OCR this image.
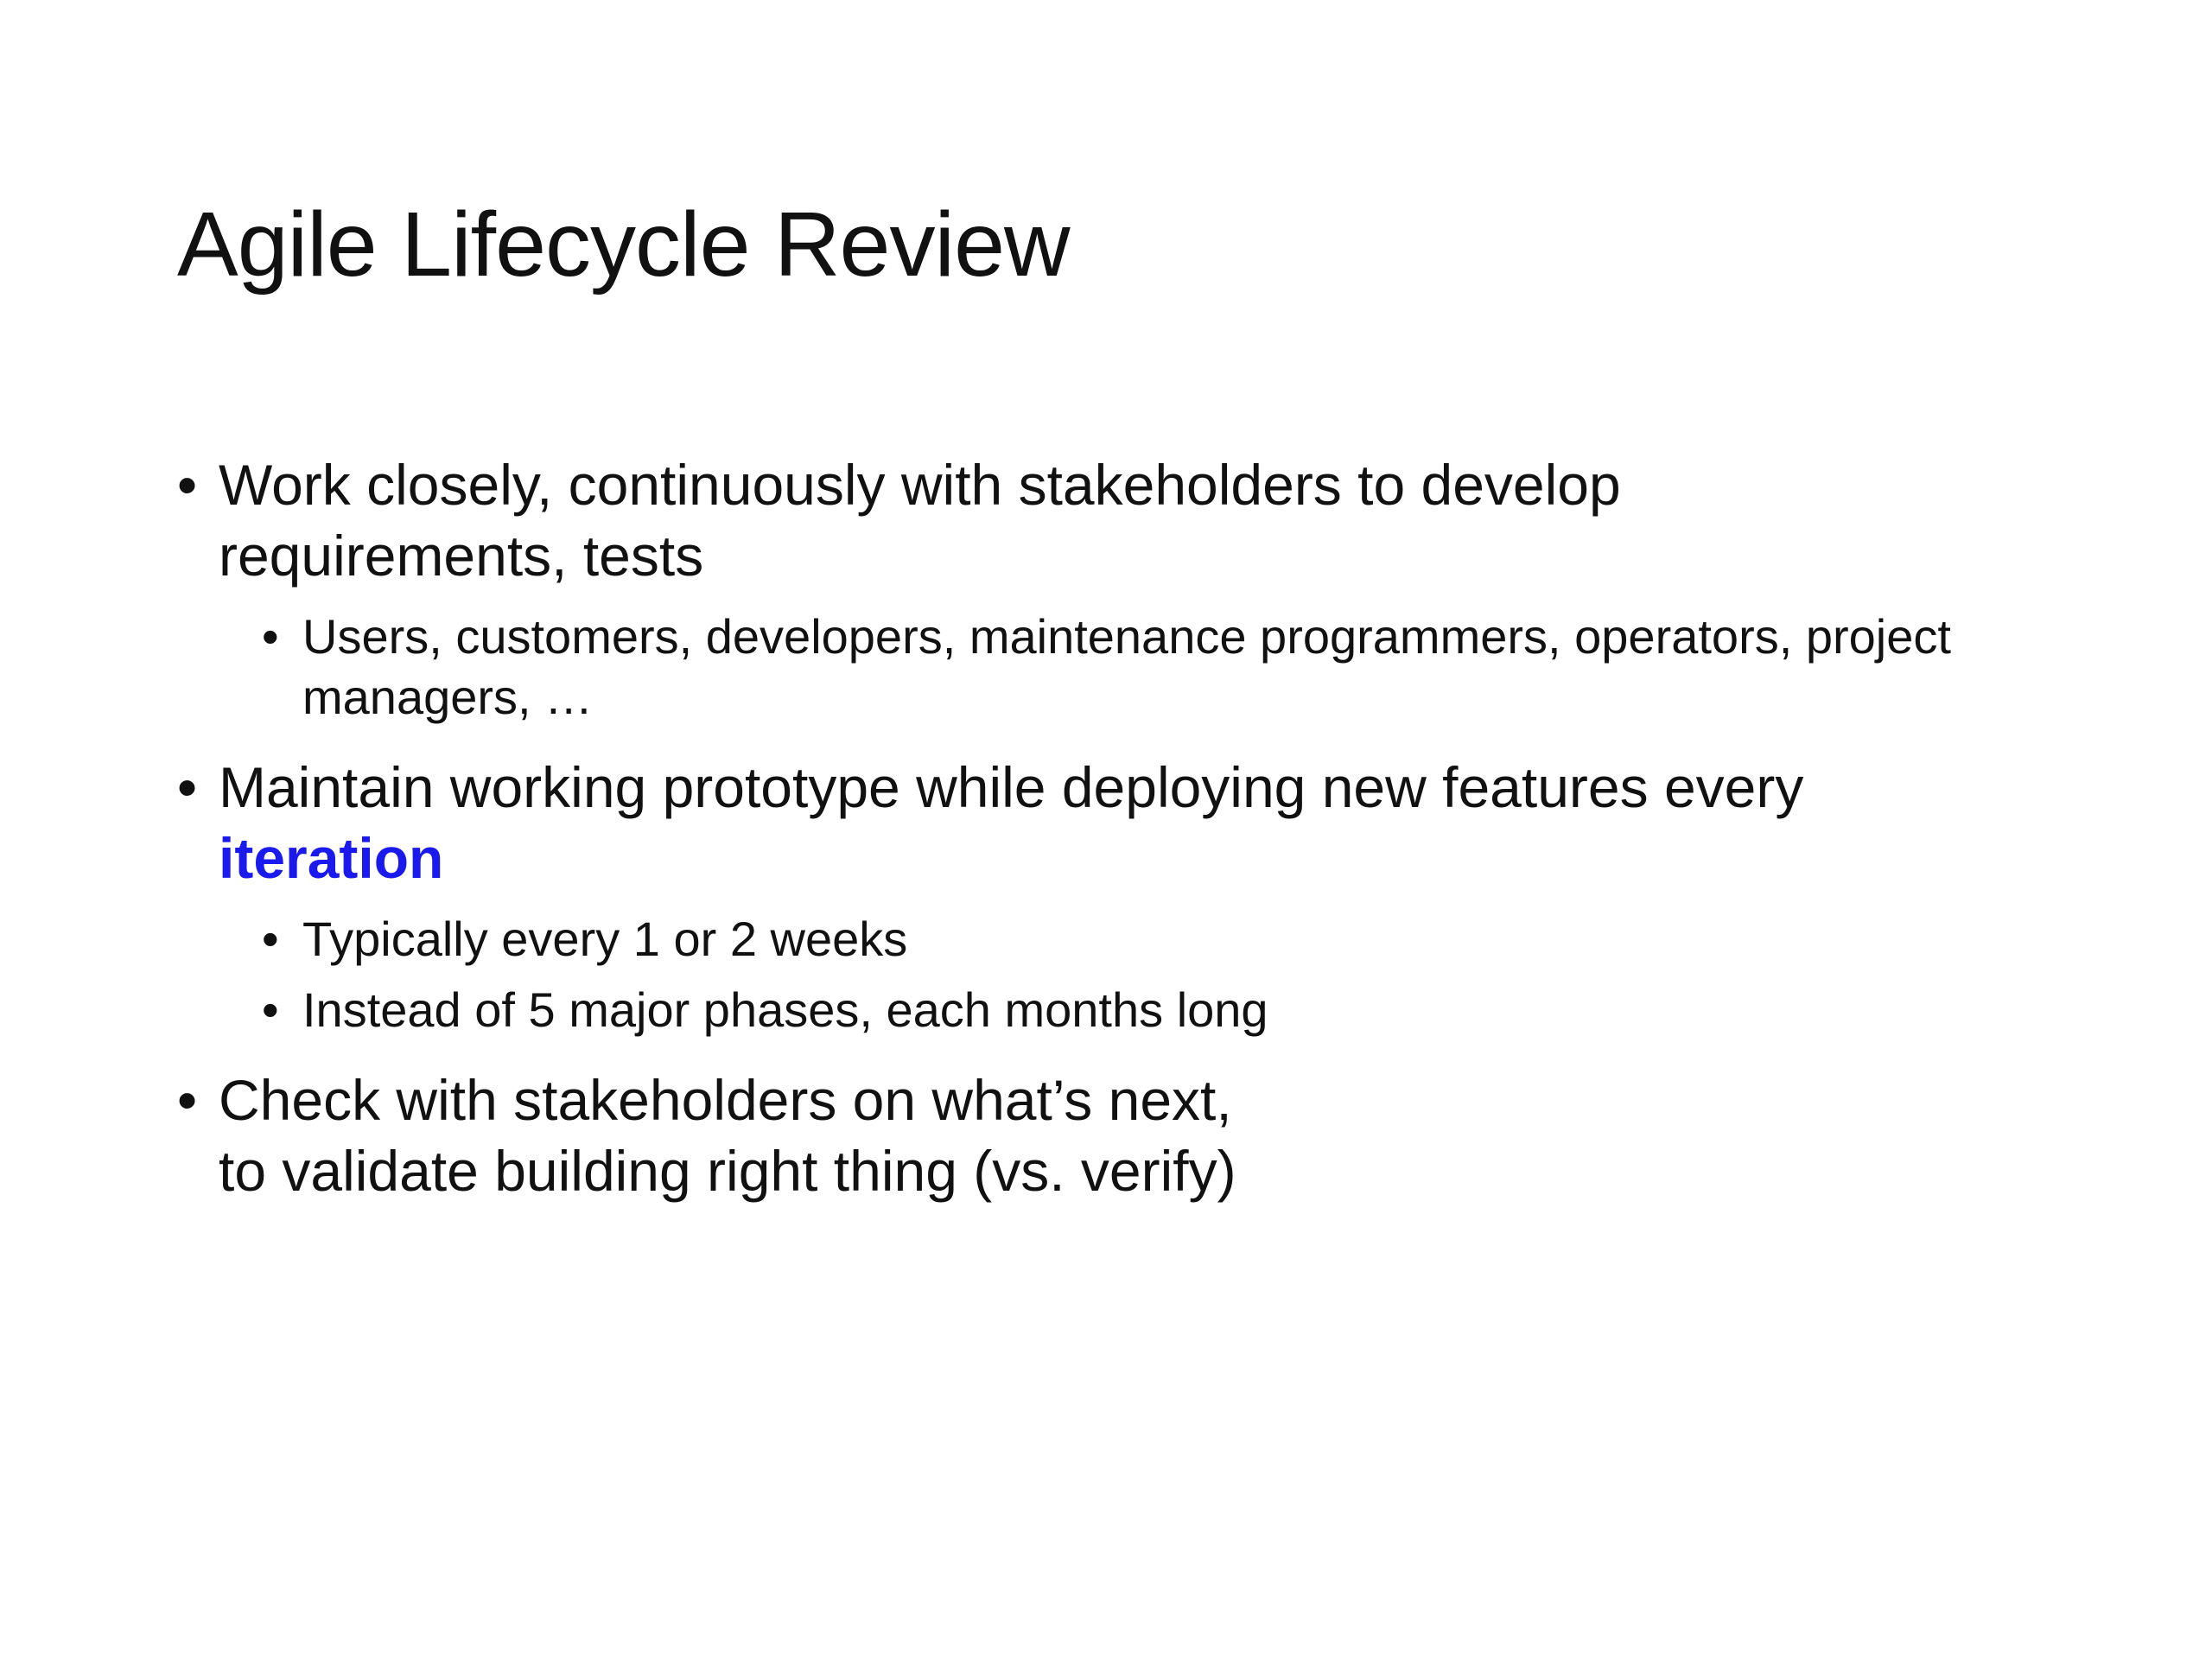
Agile Lifecycle Review
• Work closely, continuously with stakeholders to develop
requirements, tests
• Users, customers, developers, maintenance programmers, operators, project
managers, …
• Maintain working prototype while deploying new features every
iteration
• Typically every 1 or 2 weeks
• Instead of 5 major phases, each months long
• Check with stakeholders on what’s next,
to validate building right thing (vs. verify)
